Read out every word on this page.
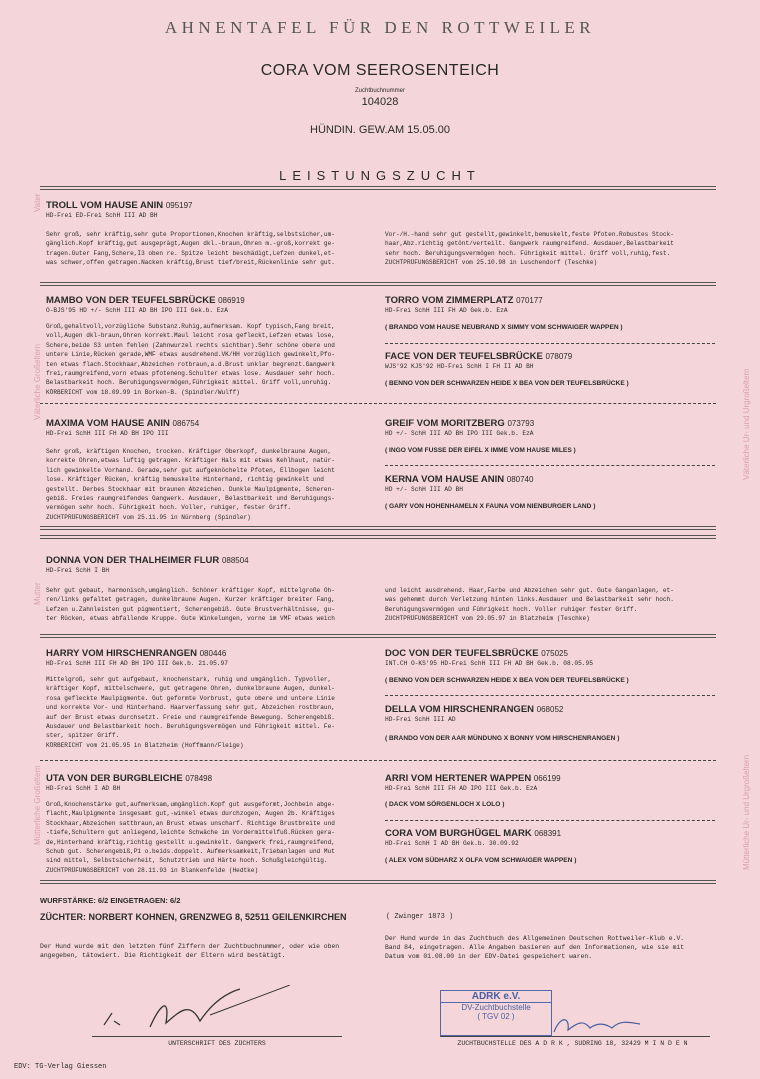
AHNENTAFEL FÜR DEN ROTTWEILER
CORA VOM SEEROSENTEICH
Zuchtbuchnummer
104028
HÜNDIN. GEW.AM 15.05.00
LEISTUNGSZUCHT
Vater
Väterliche Großeltern	Väterliche Ur- und Urgroßeltern
Mutter
Mütterliche Großeltern	Mütterliche Ur- und Urgroßeltern
TROLL VOM HAUSE ANIN 095197
HD-Frei ED-Frei SchH III AD BH
Sehr groß, sehr kräftig,sehr gute Proportionen,Knochen kräftig,selbstsicher,um-
gänglich.Kopf kräftig,gut ausgeprägt,Augen dkl.-braun,Ohren m.-groß,korrekt ge-
tragen.Guter Fang,Schere,I3 oben re. Spitze leicht beschädigt,Lefzen dunkel,et-
was schwer,offen getragen.Nacken kräftig,Brust tief/breit,Rückenlinie sehr gut.
Vor-/H.-hand sehr gut gestellt,gewinkelt,bemuskelt,feste Pfoten.Robustes Stock-
haar,Abz.richtig getönt/verteilt. Gangwerk raumgreifend. Ausdauer,Belastbarkeit
sehr hoch. Beruhigungsvermögen hoch. Führigkeit mittel. Griff voll,ruhig,fest.
ZUCHTPRÜFUNGSBERICHT vom 25.10.98 in Luschendorf (Teschke)
MAMBO VON DER TEUFELSBRÜCKE 086919
O-BJS'95 HD +/- SchH III AD BH IPO III Gek.b. EzA
Groß,gehaltvoll,vorzügliche Substanz.Ruhig,aufmerksam. Kopf typisch,Fang breit,
voll,Augen dkl-braun,Ohren korrekt.Maul leicht rosa gefleckt,Lefzen etwas lose,
Schere,beide S3 unten fehlen (Zahnwurzel rechts sichtbar).Sehr schöne obere und
untere Linie,Rücken gerade,WMF etwas ausdrehend.VK/HH vorzüglich gewinkelt,Pfo-
ten etwas flach.Stockhaar,Abzeichen rotbraun,a.d.Brust unklar begrenzt.Gangwerk
frei,raumgreifend,vorn etwas pfoteneng.Schulter etwas lose. Ausdauer sehr hoch.
Belastbarkeit hoch. Beruhigungsvermögen,Führigkeit mittel. Griff voll,unruhig.
KÖRBERICHT vom 18.09.99 in Borken-B. (Spindler/Wulff)
TORRO VOM ZIMMERPLATZ 070177
HD-Frei SchH III FH AD Gek.b. EzA
( BRANDO VOM HAUSE NEUBRAND X SIMMY VOM SCHWAIGER WAPPEN )
FACE VON DER TEUFELSBRÜCKE 078079
WJS'92 KJS'92 HD-Frei SchH I FH II AD BH
( BENNO VON DER SCHWARZEN HEIDE X BEA VON DER TEUFELSBRÜCKE )
MAXIMA VOM HAUSE ANIN 086754
HD-Frei SchH III FH AD BH IPO III
Sehr groß, kräftigen Knochen, trocken. Kräftiger Oberkopf, dunkelbraune Augen,
korrekte Ohren,etwas luftig getragen. Kräftiger Hals mit etwas Kehlhaut, natür-
lich gewinkelte Vorhand. Gerade,sehr gut aufgeknöchelte Pfoten, Ellbogen leicht
lose. Kräftiger Rücken, kräftig bemuskelte Hinterhand, richtig gewinkelt und
gestellt. Derbes Stockhaar mit braunen Abzeichen. Dunkle Maulpigmente, Scheren-
gebiß. Freies raumgreifendes Gangwerk. Ausdauer, Belastbarkeit und Beruhigungs-
vermögen sehr hoch. Führigkeit hoch. Voller, ruhiger, fester Griff.
ZUCHTPRÜFUNGSBERICHT vom 25.11.95 in Nürnberg (Spindler)
GREIF VOM MORITZBERG 073793
HD +/- SchH III AD BH IPO III Gek.b. EzA
( INGO VOM FUSSE DER EIFEL X IMME VOM HAUSE MILES )
KERNA VOM HAUSE ANIN 080740
HD +/- SchH III AD BH
( GARY VON HOHENHAMELN X FAUNA VOM NIENBURGER LAND )
DONNA VON DER THALHEIMER FLUR 088504
HD-Frei SchH I BH
Sehr gut gebaut, harmonisch,umgänglich. Schöner kräftiger Kopf, mittelgroße Oh-
ren/links gefaltet getragen, dunkelbraune Augen. Kurzer kräftiger breiter Fang,
Lefzen u.Zahnleisten gut pigmentiert, Scherengebiß. Gute Brustverhältnisse, gu-
ter Rücken, etwas abfallende Kruppe. Gute Winkelungen, vorne im VMF etwas weich
und leicht ausdrehend. Haar,Farbe und Abzeichen sehr gut. Gute Ganganlagen, et-
was gehemmt durch Verletzung hinten links.Ausdauer und Belastbarkeit sehr hoch.
Beruhigungsvermögen und Führigkeit hoch. Voller ruhiger fester Griff.
ZUCHTPRÜFUNGSBERICHT vom 29.05.97 in Blatzheim (Teschke)
HARRY VOM HIRSCHENRANGEN 080446
HD-Frei SchH III FH AD BH IPO III Gek.b. 21.05.97
Mittelgroß, sehr gut aufgebaut, knochenstark, ruhig und umgänglich. Typvoller,
kräftiger Kopf, mittelschwere, gut getragene Ohren, dunkelbraune Augen, dunkel-
rosa gefleckte Maulpigmente. Gut geformte Vorbrust, gute obere und untere Linie
und korrekte Vor- und Hinterhand. Haarverfassung sehr gut, Abzeichen rostbraun,
auf der Brust etwas durchsetzt. Freie und raumgreifende Bewegung. Scherengebiß.
Ausdauer und Belastbarkeit hoch. Beruhigungsvermögen und Führigkeit mittel. Fe-
ster, spitzer Griff.
KÖRBERICHT vom 21.05.95 in Blatzheim (Hoffmann/Fleige)
DOC VON DER TEUFELSBRÜCKE 075025
INT.CH O-KS'95 HD-Frei SchH III FH AD BH Gek.b. 08.05.95
( BENNO VON DER SCHWARZEN HEIDE X BEA VON DER TEUFELSBRÜCKE )
DELLA VOM HIRSCHENRANGEN 068052
HD-Frei SchH III AD
( BRANDO VON DER AAR MÜNDUNG X BONNY VOM HIRSCHENRANGEN )
UTA VON DER BURGBLEICHE 078498
HD-Frei SchH I AD BH
Groß,Knochenstärke gut,aufmerksam,umgänglich.Kopf gut ausgeformt,Jochbein abge-
flacht,Maulpigmente insgesamt gut,-winkel etwas durchzogen, Augen 2b. Kräftiges
Stockhaar,Abzeichen sattbraun,an Brust etwas unscharf. Richtige Brustbreite und
-tiefe,Schultern gut anliegend,leichte Schwäche im Vordermittelfuß.Rücken gera-
de,Hinterhand kräftig,richtig gestellt u.gewinkelt. Gangwerk frei,raumgreifend,
Schub gut. Scherengebiß,P1 o.beids.doppelt. Aufmerksamkeit,Triebanlagen und Mut
sind mittel, Selbstsicherheit, Schutztrieb und Härte hoch. Schußgleichgültig.
ZUCHTPRÜFUNGSBERICHT vom 28.11.93 in Blankenfelde (Hedtke)
ARRI VOM HERTENER WAPPEN 066199
HD-Frei SchH III FH AD IPO III Gek.b. EzA
( DACK VOM SÖRGENLOCH X LOLO )
CORA VOM BURGHÜGEL MARK 068391
HD-Frei SchH I AD BH Gek.b. 30.09.92
( ALEX VOM SÜDHARZ X OLFA VOM SCHWAIGER WAPPEN )
WURFSTÄRKE: 6/2 EINGETRAGEN: 6/2
ZÜCHTER: NORBERT KOHNEN, GRENZWEG 8, 52511 GEILENKIRCHEN	( Zwinger 1873 )
Der Hund wurde mit den letzten fünf Ziffern der Zuchtbuchnummer, oder wie oben
angegeben, tätowiert. Die Richtigkeit der Eltern wird bestätigt.
Der Hund wurde in das Zuchtbuch des Allgemeinen Deutschen Rottweiler-Klub e.V.
Band 84, eingetragen. Alle Angaben basieren auf den Informationen, wie sie mit
Datum vom 01.08.00 in der EDV-Datei gespeichert waren.
UNTERSCHRIFT DES ZÜCHTERS
ADRK e.V.
DV-Zuchtbuchstelle
( TGV 02 )
ZUCHTBUCHSTELLE DES A D R K , SUDRING 18, 32429 M I N D E N
EDV: TG-Verlag Giessen
